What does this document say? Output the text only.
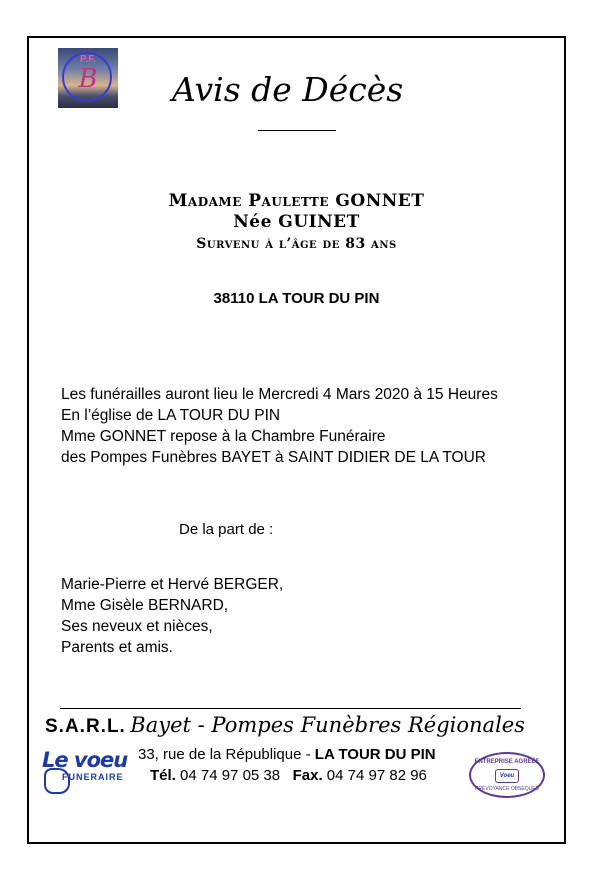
P.F.
B	Avis de Décès
Madame Paulette GONNET
Née GUINET
Survenu à l’âge de 83 ans
38110 LA TOUR DU PIN
Les funérailles auront lieu le Mercredi 4 Mars 2020 à 15 Heures
En l’église de LA TOUR DU PIN
Mme GONNET repose à la Chambre Funéraire
des Pompes Funèbres BAYET à SAINT DIDIER DE LA TOUR
De la part de :
Marie-Pierre et Hervé BERGER,
Mme Gisèle BERNARD,
Ses neveux et nièces,
Parents et amis.
S.A.R.L. Bayet - Pompes Funèbres Régionales
33, rue de la République - LA TOUR DU PIN
Tél. 04 74 97 05 38 Fax. 04 74 97 82 96
Le voeu
FUNERAIRE
ENTREPRISE AGRÉÉE
Voeu
PRÉVOYANCE OBSÈQUES
